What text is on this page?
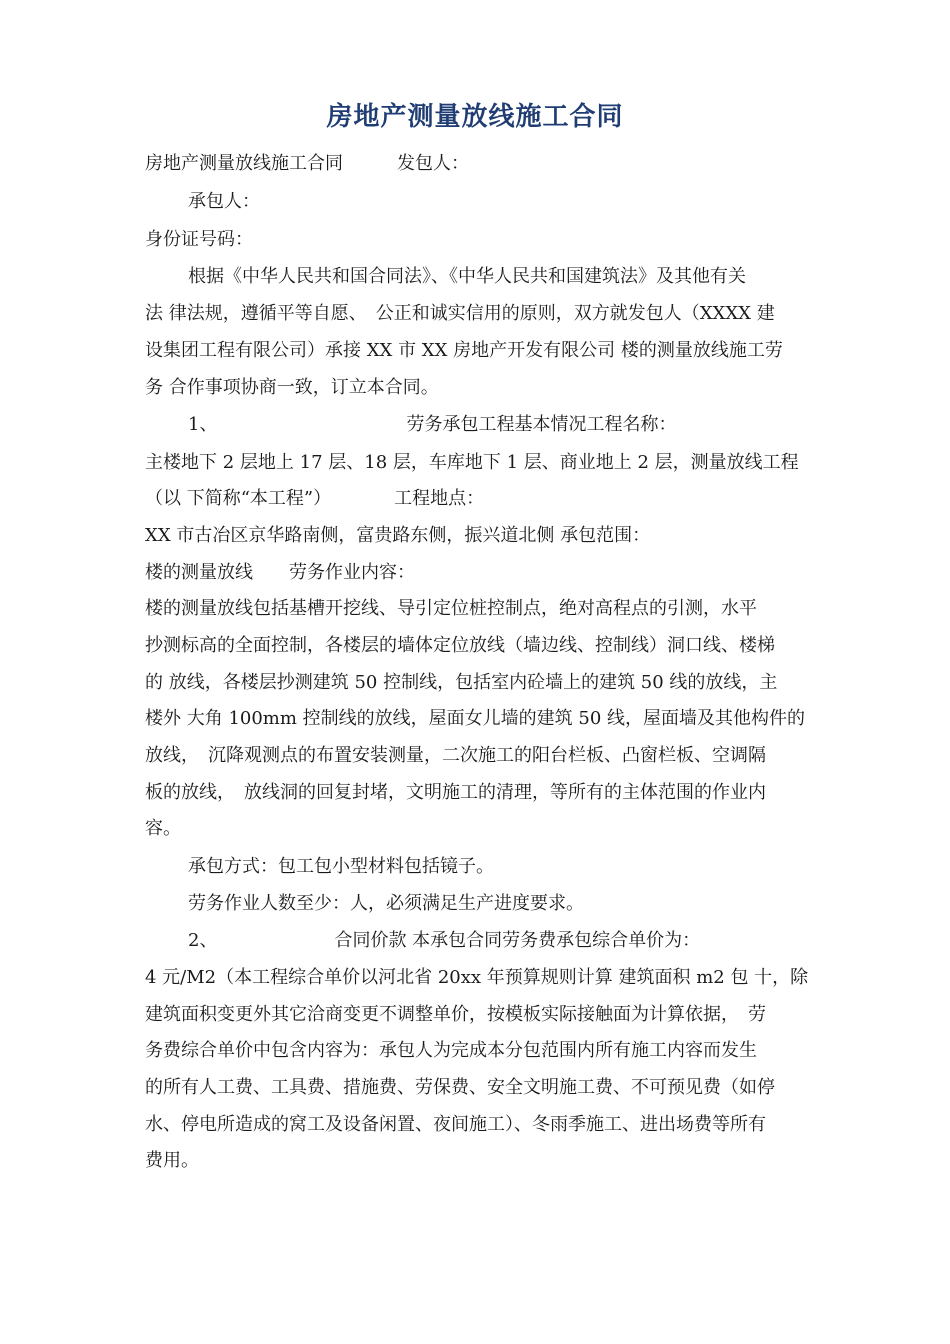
房地产测量放线施工合同

房地产测量放线施工合同　　　发包人：

承包人：

身份证号码：

根据《中华人民共和国合同法》、《中华人民共和国建筑法》及其他有关

法 律法规，遵循平等自愿、　公正和诚实信用的原则，双方就发包人（XXXX 建

设集团工程有限公司）承接 XX 市 XX 房地产开发有限公司 楼的测量放线施工劳

务 合作事项协商一致，订立本合同。

1、　　　　　　　　　　　劳务承包工程基本情况工程名称：

主楼地下 2 层地上 17 层、18 层，车库地下 1 层、商业地上 2 层，测量放线工程

（以 下简称“本工程”）　　　　工程地点：

XX 市古冶区京华路南侧，富贵路东侧，振兴道北侧 承包范围：

楼的测量放线　　劳务作业内容：

楼的测量放线包括基槽开挖线、导引定位桩控制点，绝对高程点的引测，水平

抄测标高的全面控制，各楼层的墙体定位放线（墙边线、控制线）洞口线、楼梯

的 放线，各楼层抄测建筑 50 控制线，包括室内砼墙上的建筑 50 线的放线，主

楼外 大角 100mm 控制线的放线，屋面女儿墙的建筑 50 线，屋面墙及其他构件的

放线，　沉降观测点的布置安装测量，二次施工的阳台栏板、凸窗栏板、空调隔

板的放线，　放线洞的回复封堵，文明施工的清理，等所有的主体范围的作业内

容。

承包方式：包工包小型材料包括镜子。

劳务作业人数至少：人，必须满足生产进度要求。

2、　　　　　　　合同价款 本承包合同劳务费承包综合单价为：

4 元/M2（本工程综合单价以河北省 20xx 年预算规则计算 建筑面积 m2 包 十，除

建筑面积变更外其它洽商变更不调整单价，按模板实际接触面为计算依据，　劳

务费综合单价中包含内容为：承包人为完成本分包范围内所有施工内容而发生

的所有人工费、工具费、措施费、劳保费、安全文明施工费、不可预见费（如停

水、停电所造成的窝工及设备闲置、夜间施工）、冬雨季施工、进出场费等所有

费用。
